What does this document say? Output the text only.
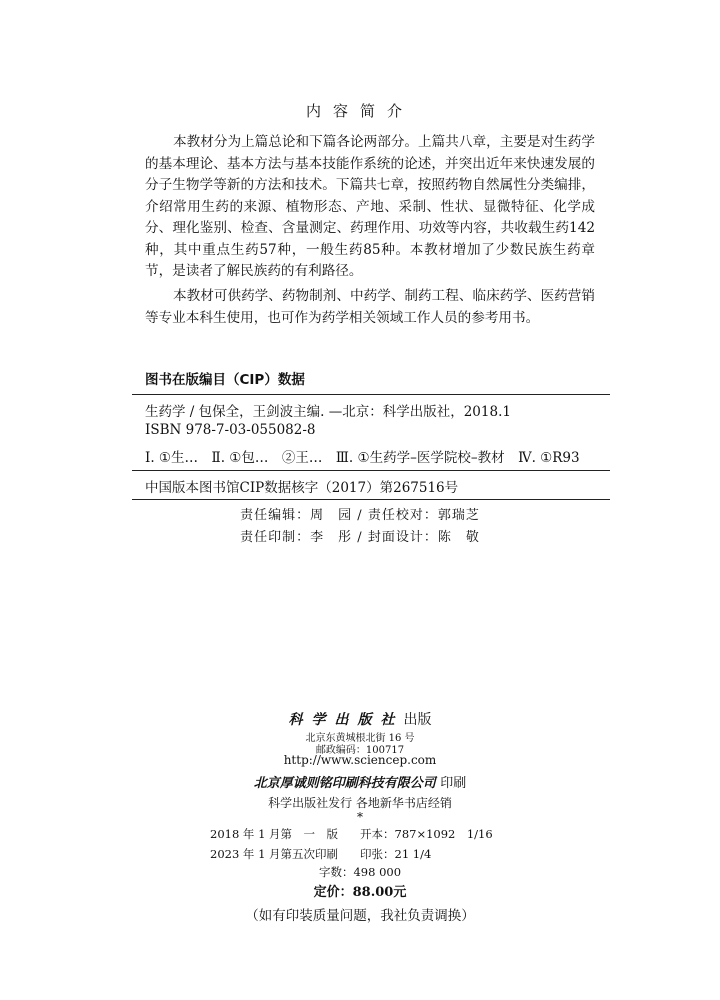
内容简介

本教材分为上篇总论和下篇各论两部分。上篇共八章，主要是对生药学的基本理论、基本方法与基本技能作系统的论述，并突出近年来快速发展的分子生物学等新的方法和技术。下篇共七章，按照药物自然属性分类编排，介绍常用生药的来源、植物形态、产地、采制、性状、显微特征、化学成分、理化鉴别、检查、含量测定、药理作用、功效等内容，共收载生药142种，其中重点生药57种，一般生药85种。本教材增加了少数民族生药章节，是读者了解民族药的有利路径。

本教材可供药学、药物制剂、中药学、制药工程、临床药学、医药营销等专业本科生使用，也可作为药学相关领域工作人员的参考用书。

图书在版编目（CIP）数据
生药学 / 包保全，王剑波主编. —北京：科学出版社，2018.1
ISBN 978-7-03-055082-8
Ⅰ. ①生…　Ⅱ. ①包…　②王…　Ⅲ. ①生药学–医学院校–教材　Ⅳ. ①R93
中国版本图书馆CIP数据核字（2017）第267516号
责任编辑：周　园 / 责任校对：郭瑞芝
责任印制：李　彤 / 封面设计：陈　敬
科学出版社出版
北京东黄城根北街 16 号
邮政编码：100717
http://www.sciencep.com
北京厚诚则铭印刷科技有限公司 印刷
科学出版社发行 各地新华书店经销
*
2018 年 1 月第　一　版 开本：787×1092　1/16
2023 年 1 月第五次印刷 印张：21 1/4
字数：498 000
定价：88.00元
（如有印装质量问题，我社负责调换）
